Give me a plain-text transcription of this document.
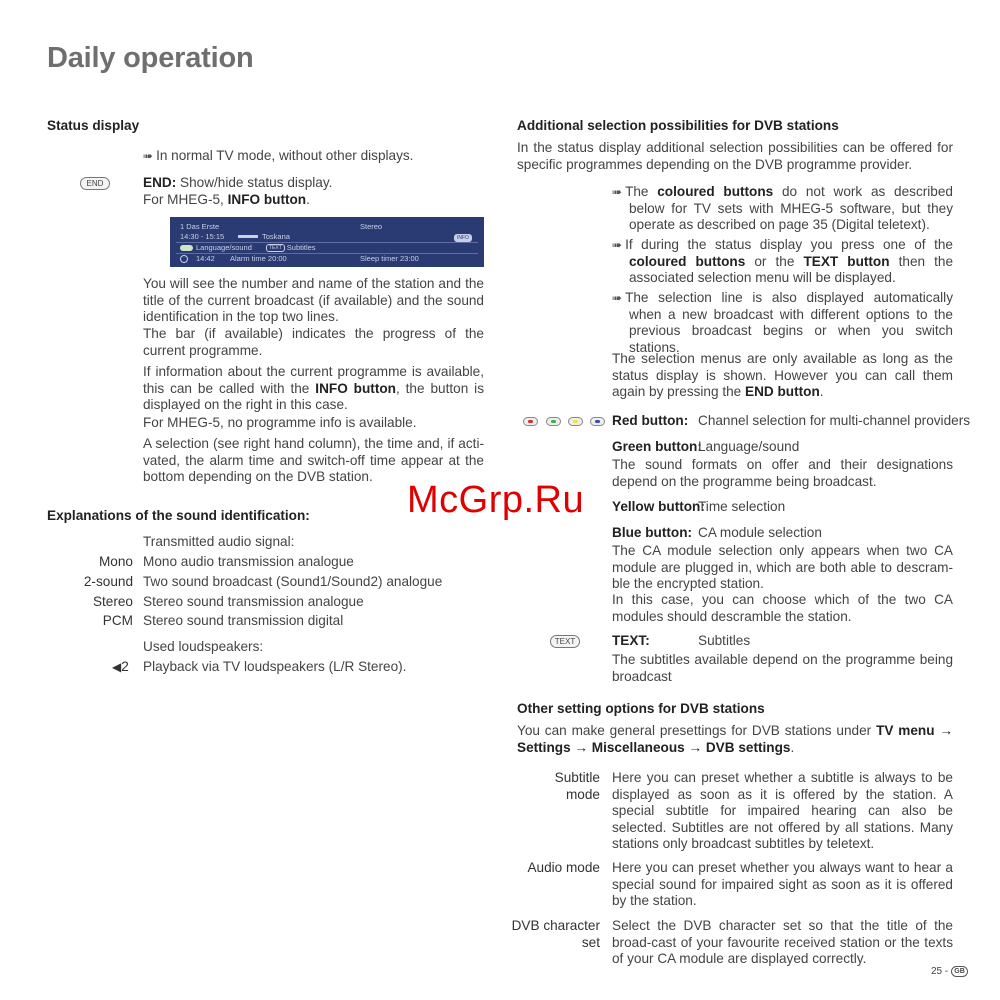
Daily operation
Status display
➠ In normal TV mode, without other displays.
END	END: Show/hide status display.
For MHEG-5, INFO button.
1 Das Erste	Stereo
14:30 - 15:15	Toskana	INFO
Language/sound	TEXT Subtitles
14:42 Alarm time 20:00	Sleep timer 23:00
You will see the number and name of the station and the title of the current broadcast (if available) and the sound identification in the top two lines.
The bar (if available) indicates the progress of the current programme.
If information about the current programme is available, this can be called with the INFO button, the button is displayed on the right in this case.
For MHEG-5, no programme info is available.
A selection (see right hand column), the time and, if acti-vated, the alarm time and switch-off time appear at the bottom depending on the DVB station.
Explanations of the sound identification:
Transmitted audio signal:
Mono Mono audio transmission analogue
2-sound Two sound broadcast (Sound1/Sound2) analogue
Stereo Stereo sound transmission analogue
PCM Stereo sound transmission digital
Used loudspeakers:
◀2 Playback via TV loudspeakers (L/R Stereo).
Additional selection possibilities for DVB stations
In the status display additional selection possibilities can be offered for specific programmes depending on the DVB programme provider.
➠ The coloured buttons do not work as described below for TV sets with MHEG-5 software, but they operate as described on page 35 (Digital teletext).
➠ If during the status display you press one of the coloured buttons or the TEXT button then the associated selection menu will be displayed.
➠ The selection line is also displayed automatically when a new broadcast with different options to the previous broadcast begins or when you switch stations.
The selection menus are only available as long as the status display is shown. However you can call them again by pressing the END button.
Red button: Channel selection for multi-channel providers
Green button:
Language/sound
The sound formats on offer and their designations depend on the programme being broadcast.
Yellow button:
Time selection
Blue button: CA module selection
The CA module selection only appears when two CA module are plugged in, which are both able to descram-ble the encrypted station.
In this case, you can choose which of the two CA modules should descramble the station.
TEXT	TEXT:	Subtitles
The subtitles available depend on the programme being broadcast
Other setting options for DVB stations
You can make general presettings for DVB stations under TV menu → Settings → Miscellaneous → DVB settings.
Subtitle mode
Here you can preset whether a subtitle is always to be displayed as soon as it is offered by the station. A special subtitle for impaired hearing can also be selected. Subtitles are not offered by all stations. Many stations only broadcast subtitles by teletext.
Audio mode Here you can preset whether you always want to hear a special sound for impaired sight as soon as it is offered by the station.
DVB character set
Select the DVB character set so that the title of the broad-cast of your favourite received station or the texts of your CA module are displayed correctly.
McGrp.Ru
25 - GB
